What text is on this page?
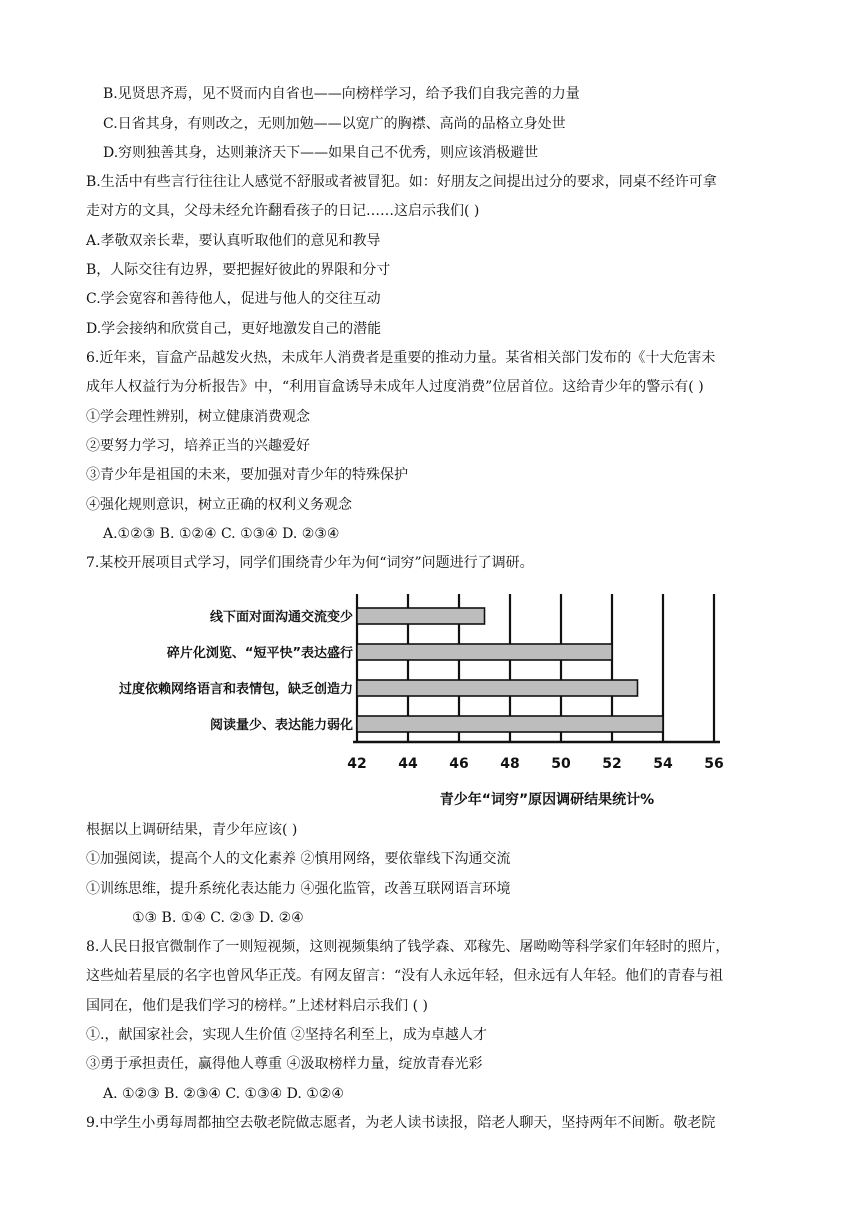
B.见贤思齐焉，见不贤而内自省也——向榜样学习，给予我们自我完善的力量
C.日省其身，有则改之，无则加勉——以宽广的胸襟、高尚的品格立身处世
D.穷则独善其身，达则兼济天下——如果自己不优秀，则应该消极避世
B.生活中有些言行往往让人感觉不舒服或者被冒犯。如：好朋友之间提出过分的要求，同桌不经许可拿
走对方的文具，父母未经允许翻看孩子的日记……这启示我们( )
A.孝敬双亲长辈，要认真听取他们的意见和教导
B，人际交往有边界，要把握好彼此的界限和分寸
C.学会宽容和善待他人，促进与他人的交往互动
D.学会接纳和欣赏自己，更好地激发自己的潜能
6.近年来，盲盒产品越发火热，未成年人消费者是重要的推动力量。某省相关部门发布的《十大危害未
成年人权益行为分析报告》中，“利用盲盒诱导未成年人过度消费”位居首位。这给青少年的警示有( )
①学会理性辨别，树立健康消费观念
②要努力学习，培养正当的兴趣爱好
③青少年是祖国的未来，要加强对青少年的特殊保护
④强化规则意识，树立正确的权利义务观念
A.①②③ B. ①②④ C. ①③④ D. ②③④
7.某校开展项目式学习，同学们围绕青少年为何“词穷”问题进行了调研。
根据以上调研结果，青少年应该( )
①加强阅读，提高个人的文化素养 ②慎用网络，要依靠线下沟通交流
①训练思维，提升系统化表达能力 ④强化监管，改善互联网语言环境
①③ B. ①④ C. ②③ D. ②④
8.人民日报官微制作了一则短视频，这则视频集纳了钱学森、邓稼先、屠呦呦等科学家们年轻时的照片，
这些灿若星辰的名字也曾风华正茂。有网友留言：“没有人永远年轻，但永远有人年轻。他们的青春与祖
国同在，他们是我们学习的榜样。”上述材料启示我们 ( )
①.，献国家社会，实现人生价值 ②坚持名利至上，成为卓越人才
③勇于承担责任，赢得他人尊重 ④汲取榜样力量，绽放青春光彩
A. ①②③ B. ②③④ C. ①③④ D. ①②④
9.中学生小勇每周都抽空去敬老院做志愿者，为老人读书读报，陪老人聊天，坚持两年不间断。敬老院
42 44 46 48 50 52 54 56
线下面对面沟通交流变少
碎片化浏览、“短平快”表达盛行
过度依赖网络语言和表情包，缺乏创造力
阅读量少、表达能力弱化
青少年“词穷”原因调研结果统计%
